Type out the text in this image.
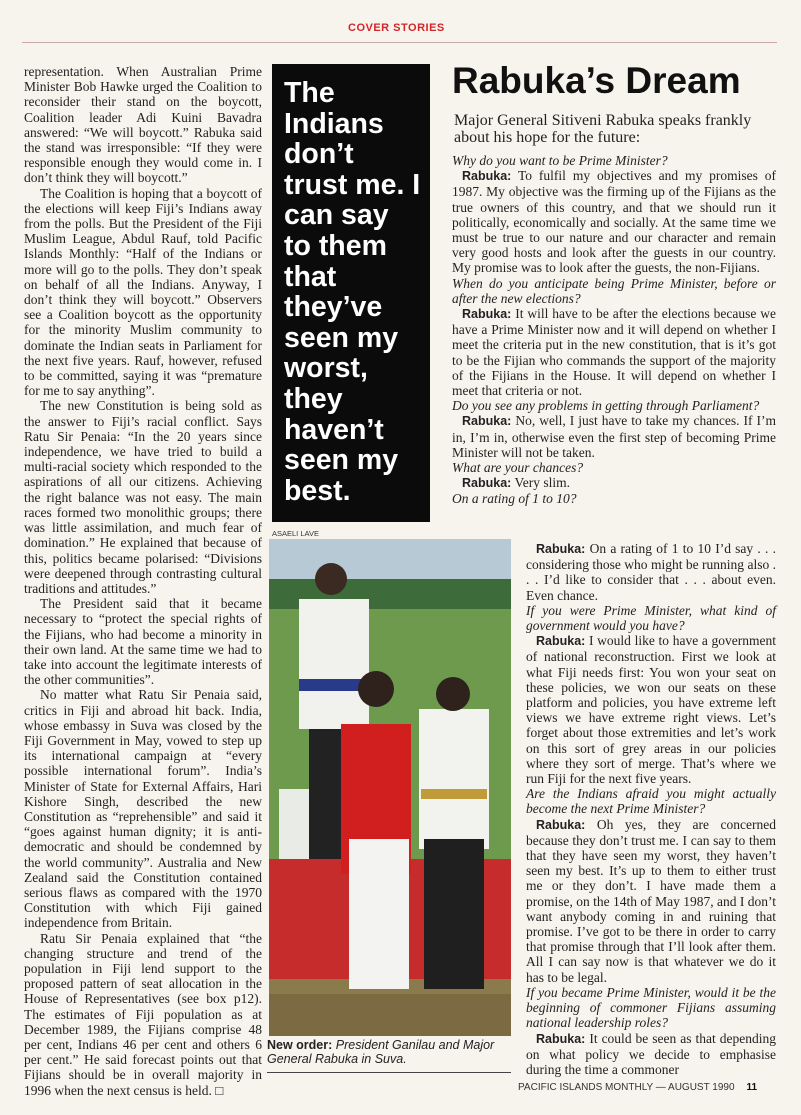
COVER STORIES

representation. When Australian Prime Minister Bob Hawke urged the Coalition to reconsider their stand on the boycott, Coalition leader Adi Kuini Bavadra answered: “We will boycott.” Rabuka said the stand was irresponsible: “If they were responsible enough they would come in. I don’t think they will boycott.”

The Coalition is hoping that a boycott of the elections will keep Fiji’s Indians away from the polls. But the President of the Fiji Muslim League, Abdul Rauf, told Pacific Islands Monthly: “Half of the Indians or more will go to the polls. They don’t speak on behalf of all the Indians. Anyway, I don’t think they will boycott.” Observers see a Coalition boycott as the opportunity for the minority Muslim community to dominate the Indian seats in Parliament for the next five years. Rauf, however, refused to be committed, saying it was “premature for me to say anything”.

The new Constitution is being sold as the answer to Fiji’s racial conflict. Says Ratu Sir Penaia: “In the 20 years since independence, we have tried to build a multi-racial society which responded to the aspirations of all our citizens. Achieving the right balance was not easy. The main races formed two monolithic groups; there was little assimilation, and much fear of domination.” He explained that because of this, politics became polarised: “Divisions were deepened through contrasting cultural traditions and attitudes.”

The President said that it became necessary to “protect the special rights of the Fijians, who had become a minority in their own land. At the same time we had to take into account the legitimate interests of the other communities”.

No matter what Ratu Sir Penaia said, critics in Fiji and abroad hit back. India, whose embassy in Suva was closed by the Fiji Government in May, vowed to step up its international campaign at “every possible international forum”. India’s Minister of State for External Affairs, Hari Kishore Singh, described the new Constitution as “reprehensible” and said it “goes against human dignity; it is anti-democratic and should be condemned by the world community”. Australia and New Zealand said the Constitution contained serious flaws as compared with the 1970 Constitution with which Fiji gained independence from Britain.

Ratu Sir Penaia explained that “the changing structure and trend of the population in Fiji lend support to the proposed pattern of seat allocation in the House of Representatives (see box p12). The estimates of Fiji population as at December 1989, the Fijians comprise 48 per cent, Indians 46 per cent and others 6 per cent.” He said forecast points out that Fijians should be in overall majority in 1996 when the next census is held. □

The Indians don’t trust me. I can say to them that they’ve seen my worst, they haven’t seen my best.

Rabuka’s Dream

Major General Sitiveni Rabuka speaks frankly about his hope for the future:

Why do you want to be Prime Minister?

Rabuka: To fulfil my objectives and my promises of 1987. My objective was the firming up of the Fijians as the true owners of this country, and that we should run it politically, economically and socially. At the same time we must be true to our nature and our character and remain very good hosts and look after the guests in our country. My promise was to look after the guests, the non-Fijians.

When do you anticipate being Prime Minister, before or after the new elections?

Rabuka: It will have to be after the elections because we have a Prime Minister now and it will depend on whether I meet the criteria put in the new constitution, that is it’s got to be the Fijian who commands the support of the majority of the Fijians in the House. It will depend on whether I meet that criteria or not.

Do you see any problems in getting through Parliament?

Rabuka: No, well, I just have to take my chances. If I’m in, I’m in, otherwise even the first step of becoming Prime Minister will not be taken.

What are your chances?

Rabuka: Very slim.

On a rating of 1 to 10?

ASAELI LAVE

New order: President Ganilau and Major General Rabuka in Suva.

Rabuka: On a rating of 1 to 10 I’d say . . . considering those who might be running also . . . I’d like to consider that . . . about even. Even chance.

If you were Prime Minister, what kind of government would you have?

Rabuka: I would like to have a government of national reconstruction. First we look at what Fiji needs first: You won your seat on these policies, we won our seats on these platform and policies, you have extreme left views we have extreme right views. Let’s forget about those extremities and let’s work on this sort of grey areas in our policies where they sort of merge. That’s where we run Fiji for the next five years.

Are the Indians afraid you might actually become the next Prime Minister?

Rabuka: Oh yes, they are concerned because they don’t trust me. I can say to them that they have seen my worst, they haven’t seen my best. It’s up to them to either trust me or they don’t. I have made them a promise, on the 14th of May 1987, and I don’t want anybody coming in and ruining that promise. I’ve got to be there in order to carry that promise through that I’ll look after them. All I can say now is that whatever we do it has to be legal.

If you became Prime Minister, would it be the beginning of commoner Fijians assuming national leadership roles?

Rabuka: It could be seen as that depending on what policy we decide to emphasise during the time a commoner

PACIFIC ISLANDS MONTHLY — AUGUST 1990 11
